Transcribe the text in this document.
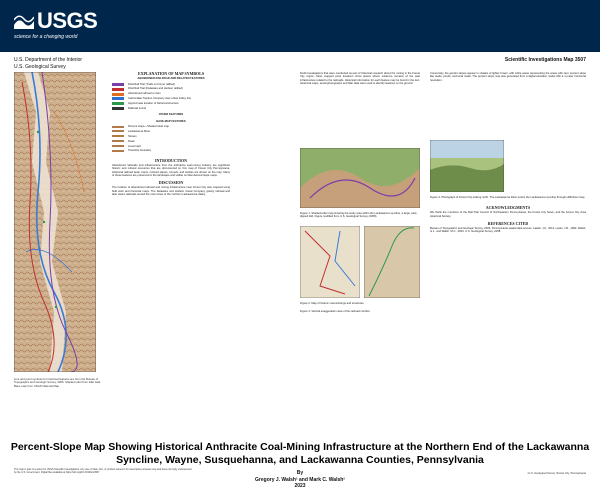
USGS
science for a changing world
U.S. Department of the Interior
U.S. Geological Survey
Scientific Investigations Map 3507
Line and point symbols for historical features are from the Bureau of Topographic and Geologic Survey, 2006. Shaded relief from lidar data. Base map from USGS National Map.
EXPLANATION OF MAP SYMBOLS

ABANDONED RAILROAD AND RELATED FEATURES

D&H Rail Trail (Trails on former railbed)
D&H Rail Trail (Delaware and Hudson railbed)
Abandoned railroad or tram
Carbondale Traction Company inter-urban trolley line
Approximate location of historical structure
Railroad tunnel

OTHER FEATURES

BASE-MAP FEATURES

Percent slope—Shaded relief map
Lackawanna River
Stream
Road
Local road
Township boundary
INTRODUCTION

Abandoned railroads and infrastructure from the anthracite coal-mining industry are significant historic and cultural resources that are documented on this map of Forest City Pennsylvania. Historical railroad beds, trams, inclined planes, tunnels, and trestles are shown on the map. Many of these features are preserved in the landscape and visible on lidar-derived slope maps.

DISCUSSION

The location of abandoned railroad and mining infrastructure near Forest City was mapped using field work and historical maps. The Delaware and Hudson Canal Company gravity railroad and later steam railroads served the coal mines of the northern Lackawanna Valley.

Field investigations that were conducted as part of historical research about the mining in the Forest City region. Most mapped point locations show places where evidence remains of the past infrastructure related to the railroads. Historical information for each feature may be found in the text. Historical maps, aerial photographs and lidar data were used to identify features on the ground.

Figure 1. Shaded-relief map showing the study area within the Lackawanna syncline, a large, east-dipped fold. Figure modified from U.S. Geological Survey (2008).
Figure 2. Map of historic coal workings and structures.
Figure 4. Vertical exaggeration view of the railroad corridor.

Conversely, the gentler slopes appear in shades of lighter brown, with white areas representing the areas with zero percent slope like roads, ponds, and local roads. The percent slope map was generated from a digital elevation model with a 1-meter horizontal resolution.

Figure 3. Photograph of Forest City looking north. The Lackawanna River enters the Lackawanna syncline through Hillbottom Gap.
ACKNOWLEDGMENTS

We thank the members of the Rail-Trail Council of Northeastern Pennsylvania, the Forest City News, and the Forest City Area Historical Society.

REFERENCES CITED

Bureau of Topographic and Geologic Survey, 2006, Pennsylvania spatial data access. Lawler, J.F., 2014. Lewis, J.R., 1992. Walsh, G.J., and Walsh, M.C., 2023. U.S. Geological Survey, 2008.

Percent-Slope Map Showing Historical Anthracite Coal-Mining Infrastructure at the Northern End of the Lackawanna
Syncline, Wayne, Susquehanna, and Lackawanna Counties, Pennsylvania
By
Gregory J. Walsh¹ and Mark C. Walsh²
2023
This map is part of a series for USGS Scientific Investigations. Any use of trade, firm, or product names is for descriptive purposes only and does not imply endorsement by the U.S. Government. Digital files available at https://doi.org/10.3133/sim3507	¹U.S. Geological Survey ²Forest City, Pennsylvania
